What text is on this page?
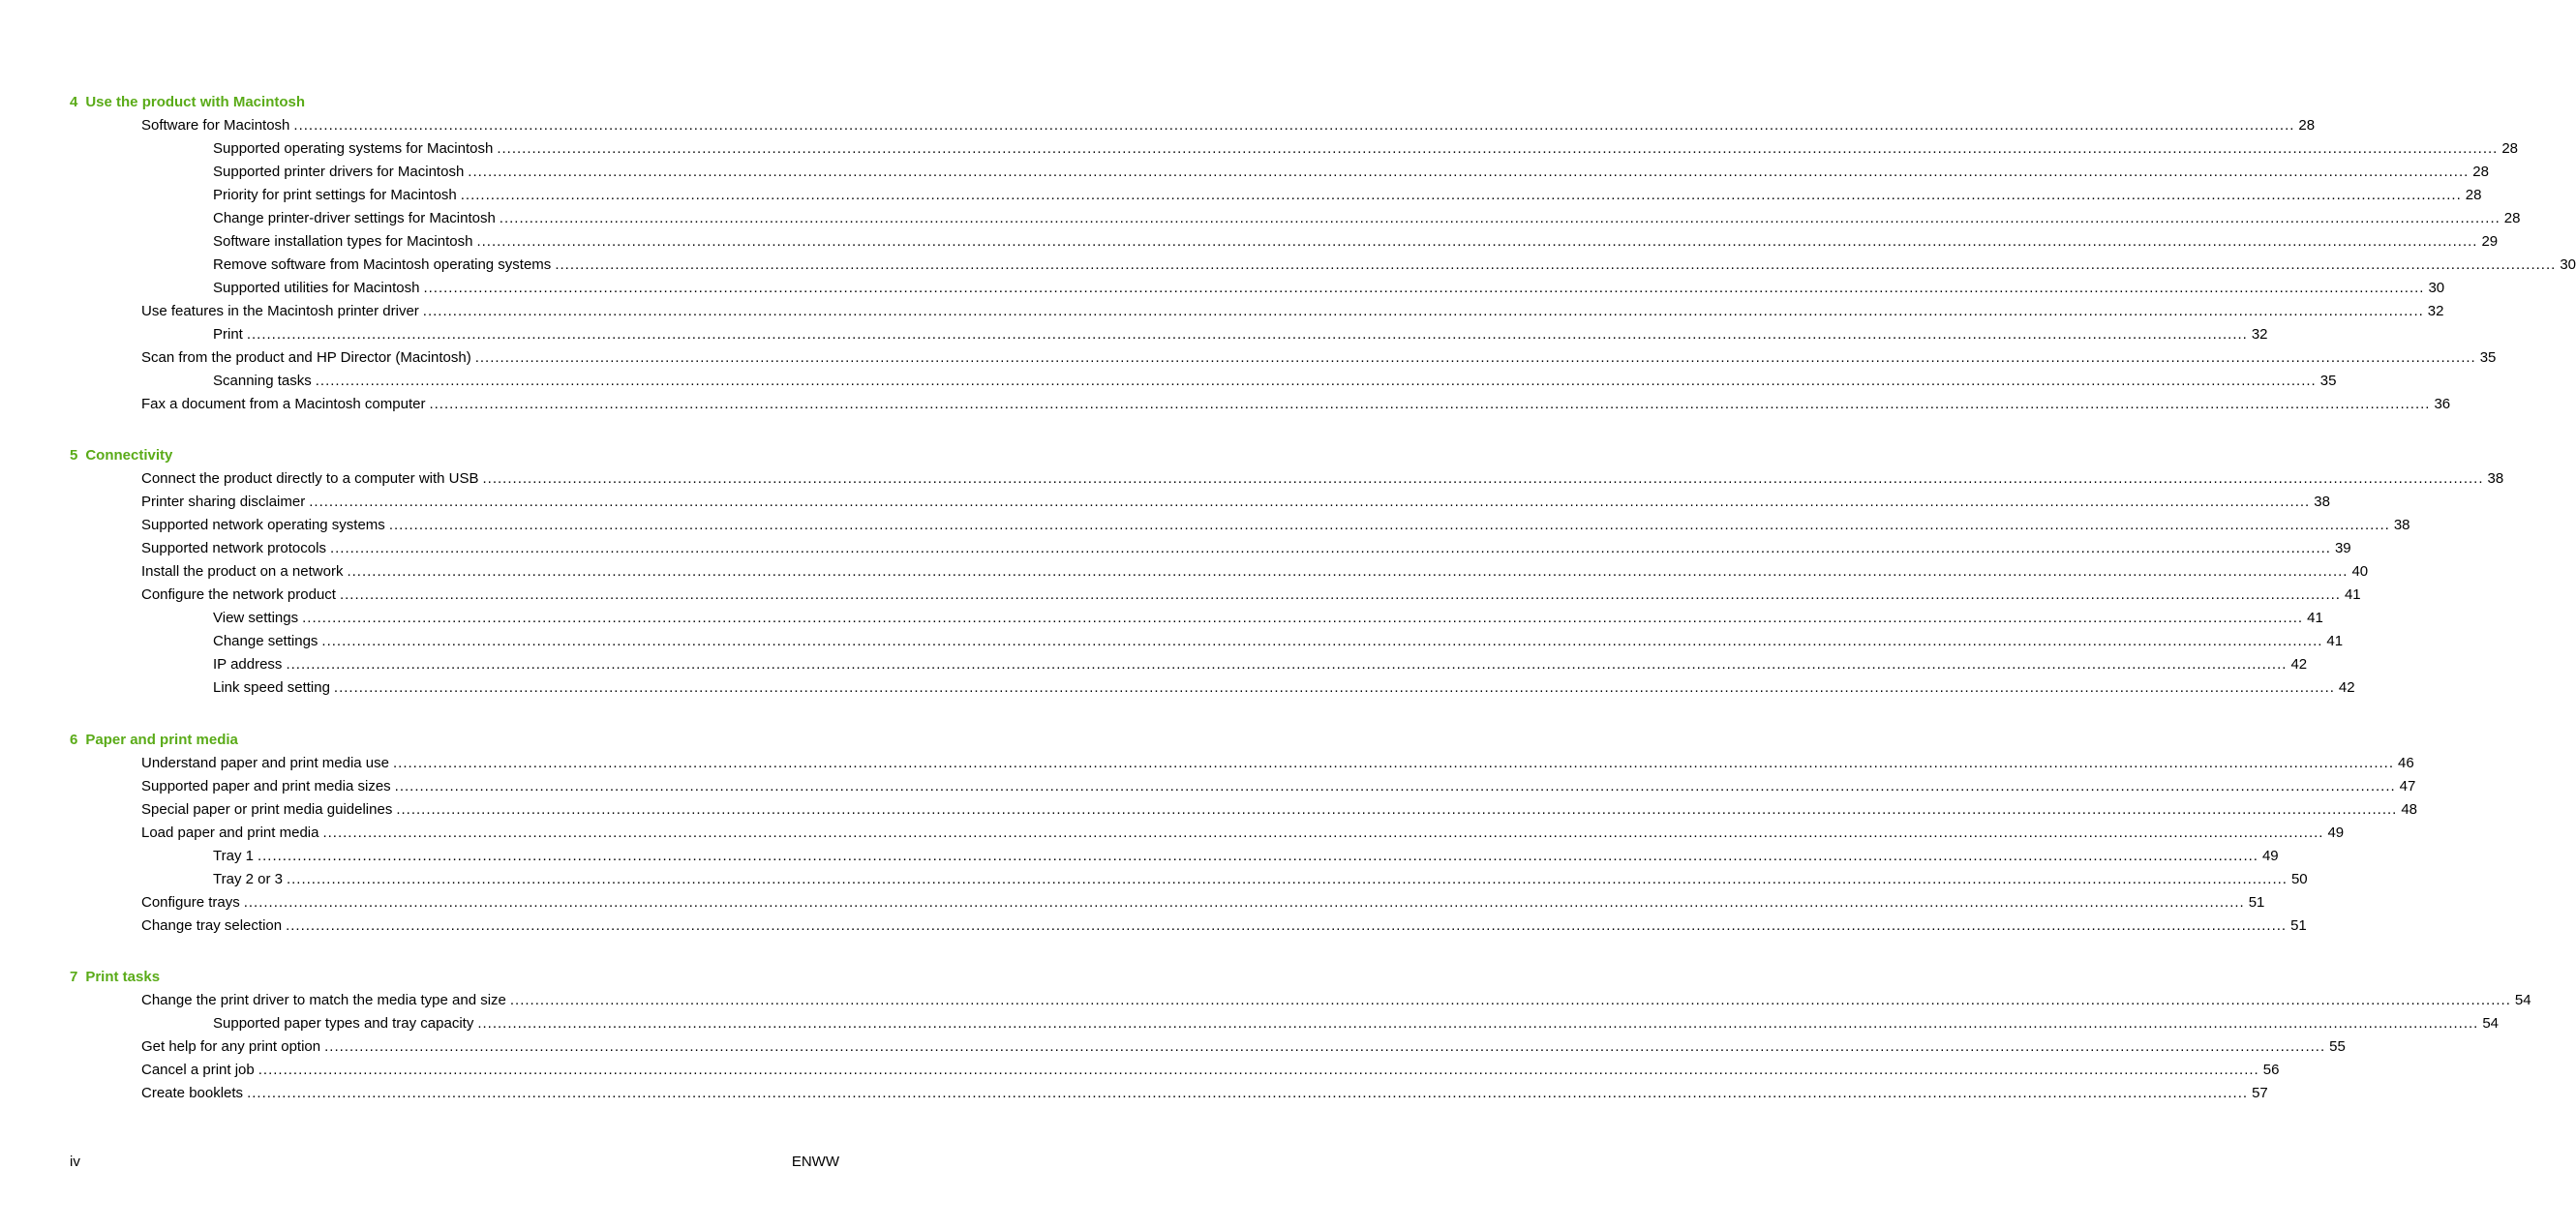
4 Use the product with Macintosh
Software for Macintosh ................................................................................................................................................................................................................................................................................................................................................................................................................ 28
Supported operating systems for Macintosh ................................................................................................................................................................................................................................................................................................................................................................................................................ 28
Supported printer drivers for Macintosh ................................................................................................................................................................................................................................................................................................................................................................................................................ 28
Priority for print settings for Macintosh ................................................................................................................................................................................................................................................................................................................................................................................................................ 28
Change printer-driver settings for Macintosh ................................................................................................................................................................................................................................................................................................................................................................................................................ 28
Software installation types for Macintosh ................................................................................................................................................................................................................................................................................................................................................................................................................ 29
Remove software from Macintosh operating systems ................................................................................................................................................................................................................................................................................................................................................................................................................ 30
Supported utilities for Macintosh ................................................................................................................................................................................................................................................................................................................................................................................................................ 30
Use features in the Macintosh printer driver ................................................................................................................................................................................................................................................................................................................................................................................................................ 32
Print ................................................................................................................................................................................................................................................................................................................................................................................................................ 32
Scan from the product and HP Director (Macintosh) ................................................................................................................................................................................................................................................................................................................................................................................................................ 35
Scanning tasks ................................................................................................................................................................................................................................................................................................................................................................................................................ 35
Fax a document from a Macintosh computer ................................................................................................................................................................................................................................................................................................................................................................................................................ 36
5 Connectivity
Connect the product directly to a computer with USB ................................................................................................................................................................................................................................................................................................................................................................................................................ 38
Printer sharing disclaimer ................................................................................................................................................................................................................................................................................................................................................................................................................ 38
Supported network operating systems ................................................................................................................................................................................................................................................................................................................................................................................................................ 38
Supported network protocols ................................................................................................................................................................................................................................................................................................................................................................................................................ 39
Install the product on a network ................................................................................................................................................................................................................................................................................................................................................................................................................ 40
Configure the network product ................................................................................................................................................................................................................................................................................................................................................................................................................ 41
View settings ................................................................................................................................................................................................................................................................................................................................................................................................................ 41
Change settings ................................................................................................................................................................................................................................................................................................................................................................................................................ 41
IP address ................................................................................................................................................................................................................................................................................................................................................................................................................ 42
Link speed setting ................................................................................................................................................................................................................................................................................................................................................................................................................ 42
6 Paper and print media
Understand paper and print media use ................................................................................................................................................................................................................................................................................................................................................................................................................ 46
Supported paper and print media sizes ................................................................................................................................................................................................................................................................................................................................................................................................................ 47
Special paper or print media guidelines ................................................................................................................................................................................................................................................................................................................................................................................................................ 48
Load paper and print media ................................................................................................................................................................................................................................................................................................................................................................................................................ 49
Tray 1 ................................................................................................................................................................................................................................................................................................................................................................................................................ 49
Tray 2 or 3 ................................................................................................................................................................................................................................................................................................................................................................................................................ 50
Configure trays ................................................................................................................................................................................................................................................................................................................................................................................................................ 51
Change tray selection ................................................................................................................................................................................................................................................................................................................................................................................................................ 51
7 Print tasks
Change the print driver to match the media type and size ................................................................................................................................................................................................................................................................................................................................................................................................................ 54
Supported paper types and tray capacity ................................................................................................................................................................................................................................................................................................................................................................................................................ 54
Get help for any print option ................................................................................................................................................................................................................................................................................................................................................................................................................ 55
Cancel a print job ................................................................................................................................................................................................................................................................................................................................................................................................................ 56
Create booklets ................................................................................................................................................................................................................................................................................................................................................................................................................ 57
iv	ENWW
